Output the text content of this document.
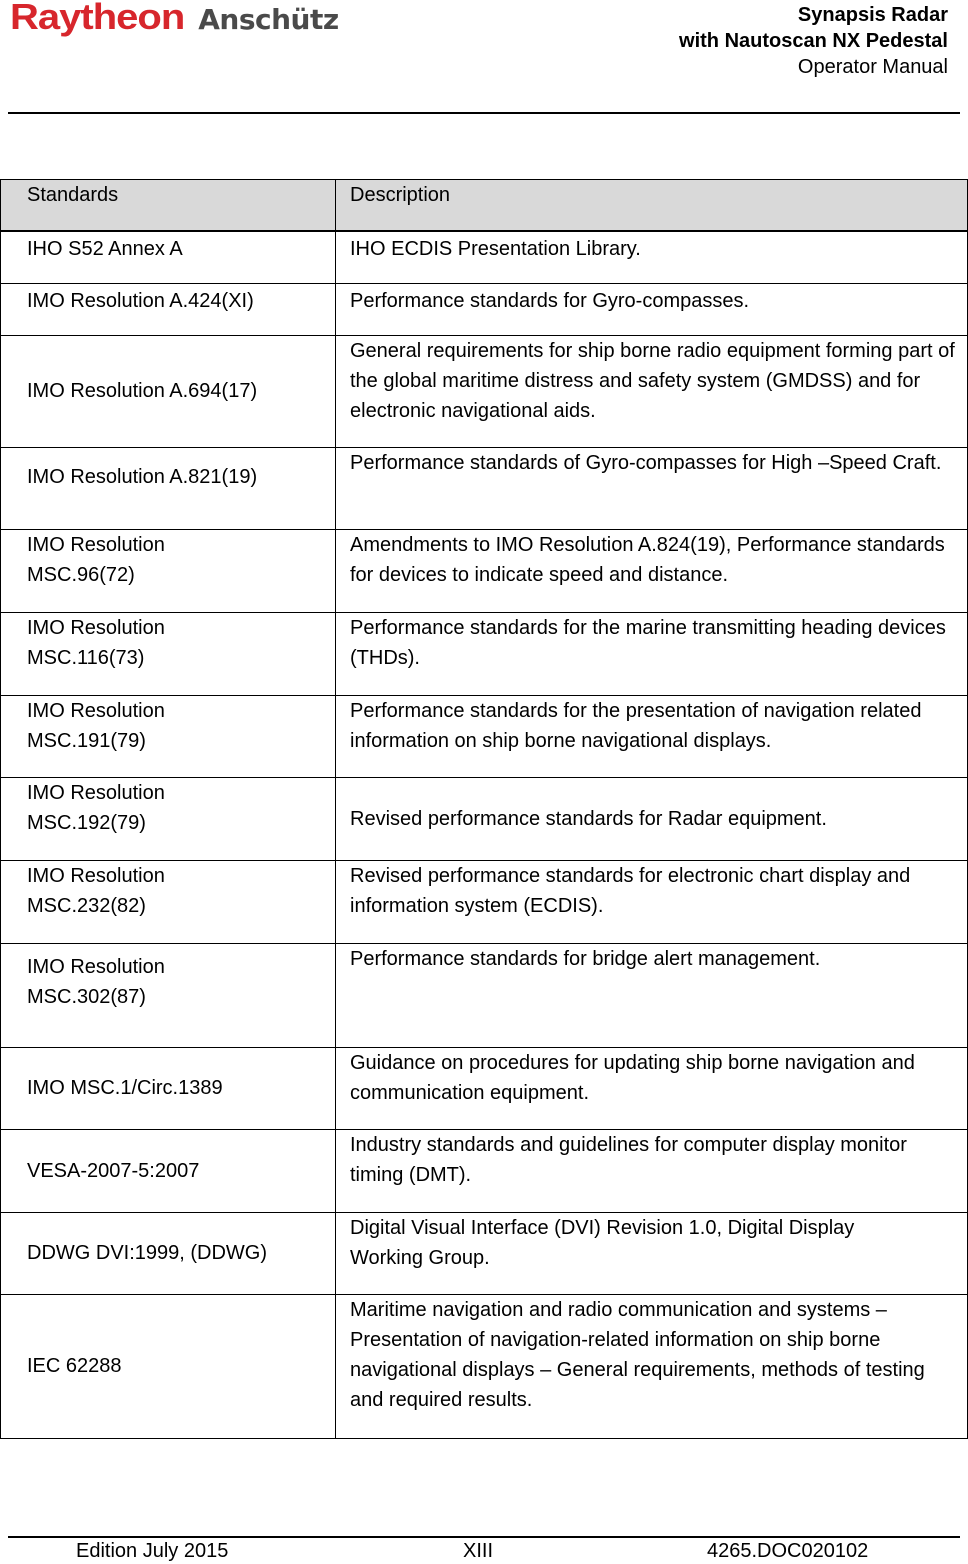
Raytheon Anschütz	Synapsis Radar
with Nautoscan NX Pedestal
Operator Manual
Standards	Description
IHO S52 Annex A	IHO ECDIS Presentation Library.
IMO Resolution A.424(XI)	Performance standards for Gyro-compasses.
IMO Resolution A.694(17)	General requirements for ship borne radio equipment forming part of the global maritime distress and safety system (GMDSS) and for electronic navigational aids.
IMO Resolution A.821(19)	Performance standards of Gyro-compasses for High –Speed Craft.
IMO Resolution MSC.96(72)	Amendments to IMO Resolution A.824(19), Performance standards for devices to indicate speed and distance.
IMO Resolution MSC.116(73)	Performance standards for the marine transmitting heading devices (THDs).
IMO Resolution MSC.191(79)	Performance standards for the presentation of navigation related information on ship borne navigational displays.
IMO Resolution MSC.192(79)	Revised performance standards for Radar equipment.
IMO Resolution MSC.232(82)	Revised performance standards for electronic chart display and information system (ECDIS).
IMO Resolution MSC.302(87)	Performance standards for bridge alert management.
IMO MSC.1/Circ.1389	Guidance on procedures for updating ship borne navigation and communication equipment.
VESA-2007-5:2007	Industry standards and guidelines for computer display monitor timing (DMT).
DDWG DVI:1999, (DDWG)	Digital Visual Interface (DVI) Revision 1.0, Digital Display Working Group.
IEC 62288	Maritime navigation and radio communication and systems – Presentation of navigation-related information on ship borne navigational displays – General requirements, methods of testing and required results.
Edition July 2015	XIII	4265.DOC020102
